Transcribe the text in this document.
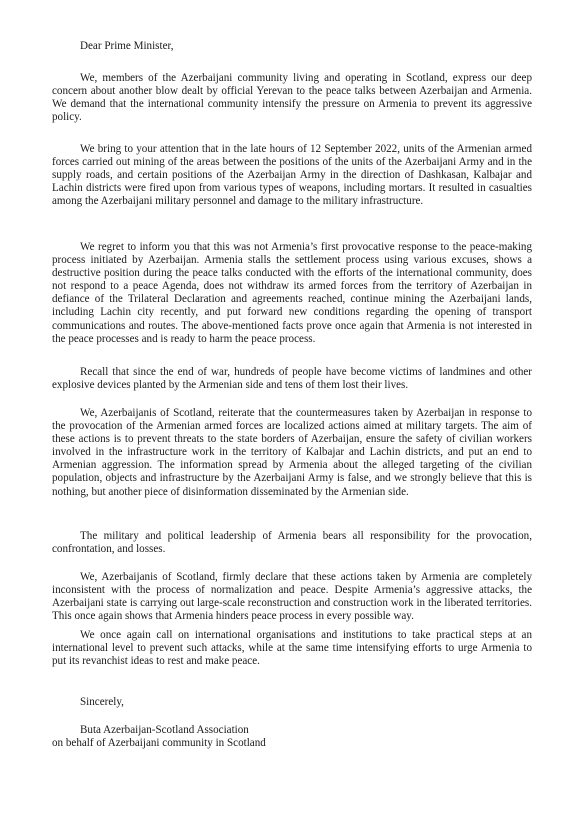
Dear Prime Minister,

We, members of the Azerbaijani community living and operating in Scotland, express our deep concern about another blow dealt by official Yerevan to the peace talks between Azerbaijan and Armenia. We demand that the international community intensify the pressure on Armenia to prevent its aggressive policy.

We bring to your attention that in the late hours of 12 September 2022, units of the Armenian armed forces carried out mining of the areas between the positions of the units of the Azerbaijani Army and in the supply roads, and certain positions of the Azerbaijan Army in the direction of Dashkasan, Kalbajar and Lachin districts were fired upon from various types of weapons, including mortars. It resulted in casualties among the Azerbaijani military personnel and damage to the military infrastructure.

We regret to inform you that this was not Armenia’s first provocative response to the peace-making process initiated by Azerbaijan. Armenia stalls the settlement process using various excuses, shows a destructive position during the peace talks conducted with the efforts of the international community, does not respond to a peace Agenda, does not withdraw its armed forces from the territory of Azerbaijan in defiance of the Trilateral Declaration and agreements reached, continue mining the Azerbaijani lands, including Lachin city recently, and put forward new conditions regarding the opening of transport communications and routes. The above-mentioned facts prove once again that Armenia is not interested in the peace processes and is ready to harm the peace process.

Recall that since the end of war, hundreds of people have become victims of landmines and other explosive devices planted by the Armenian side and tens of them lost their lives.

We, Azerbaijanis of Scotland, reiterate that the countermeasures taken by Azerbaijan in response to the provocation of the Armenian armed forces are localized actions aimed at military targets. The aim of these actions is to prevent threats to the state borders of Azerbaijan, ensure the safety of civilian workers involved in the infrastructure work in the territory of Kalbajar and Lachin districts, and put an end to Armenian aggression. The information spread by Armenia about the alleged targeting of the civilian population, objects and infrastructure by the Azerbaijani Army is false, and we strongly believe that this is nothing, but another piece of disinformation disseminated by the Armenian side.

The military and political leadership of Armenia bears all responsibility for the provocation, confrontation, and losses.

We, Azerbaijanis of Scotland, firmly declare that these actions taken by Armenia are completely inconsistent with the process of normalization and peace. Despite Armenia’s aggressive attacks, the Azerbaijani state is carrying out large-scale reconstruction and construction work in the liberated territories. This once again shows that Armenia hinders peace process in every possible way.

We once again call on international organisations and institutions to take practical steps at an international level to prevent such attacks, while at the same time intensifying efforts to urge Armenia to put its revanchist ideas to rest and make peace.

Sincerely,

Buta Azerbaijan-Scotland Association

on behalf of Azerbaijani community in Scotland
